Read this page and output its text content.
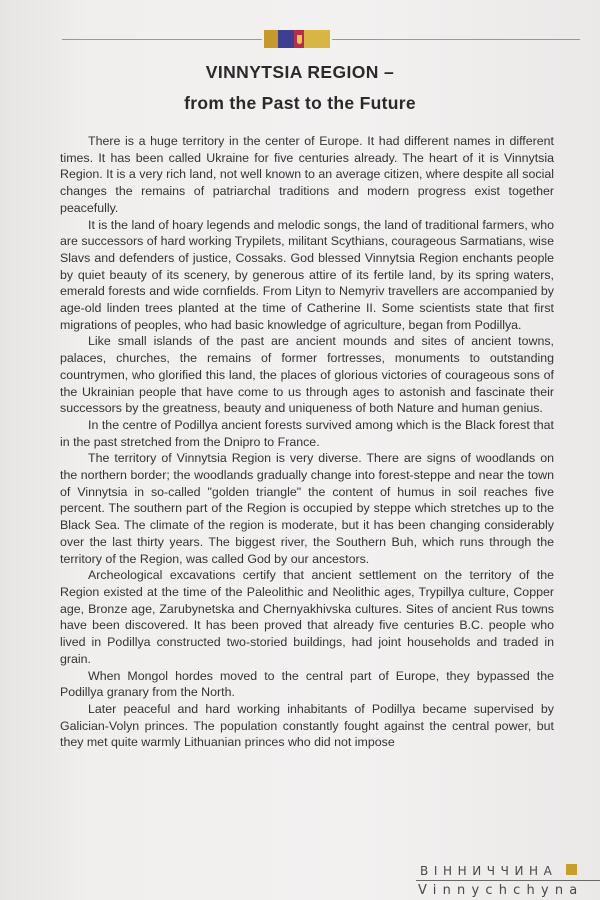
VINNYTSIA REGION –
from the Past to the Future

There is a huge territory in the center of Europe. It had different names in different times. It has been called Ukraine for five centuries already. The heart of it is Vinnytsia Region. It is a very rich land, not well known to an average citizen, where despite all social changes the remains of patriarchal traditions and modern progress exist together peacefully.

It is the land of hoary legends and melodic songs, the land of traditional farmers, who are successors of hard working Trypilets, militant Scythians, courageous Sarmatians, wise Slavs and defenders of justice, Cossaks. God blessed Vinnytsia Region enchants people by quiet beauty of its scenery, by generous attire of its fertile land, by its spring waters, emerald forests and wide cornfields. From Lityn to Nemyriv travellers are accompanied by age-old linden trees planted at the time of Catherine II. Some scientists state that first migrations of peoples, who had basic knowledge of agriculture, began from Podillya.

Like small islands of the past are ancient mounds and sites of ancient towns, palaces, churches, the remains of former fortresses, monuments to outstanding countrymen, who glorified this land, the places of glorious victories of courageous sons of the Ukrainian people that have come to us through ages to astonish and fascinate their successors by the greatness, beauty and uniqueness of both Nature and human genius.

In the centre of Podillya ancient forests survived among which is the Black forest that in the past stretched from the Dnipro to France.

The territory of Vinnytsia Region is very diverse. There are signs of woodlands on the northern border; the woodlands gradually change into forest-steppe and near the town of Vinnytsia in so-called "golden triangle" the content of humus in soil reaches five percent. The southern part of the Region is occupied by steppe which stretches up to the Black Sea. The climate of the region is moderate, but it has been changing considerably over the last thirty years. The biggest river, the Southern Buh, which runs through the territory of the Region, was called God by our ancestors.

Archeological excavations certify that ancient settlement on the territory of the Region existed at the time of the Paleolithic and Neolithic ages, Trypillya culture, Copper age, Bronze age, Zarubynetska and Chernyakhivska cultures. Sites of ancient Rus towns have been discovered. It has been proved that already five centuries B.C. people who lived in Podillya constructed two-storied buildings, had joint households and traded in grain.

When Mongol hordes moved to the central part of Europe, they bypassed the Podillya granary from the North.

Later peaceful and hard working inhabitants of Podillya became supervised by Galician-Volyn princes. The population constantly fought against the central power, but they met quite warmly Lithuanian princes who did not impose

ВІННИЧЧИНА
Vinnychchyna
